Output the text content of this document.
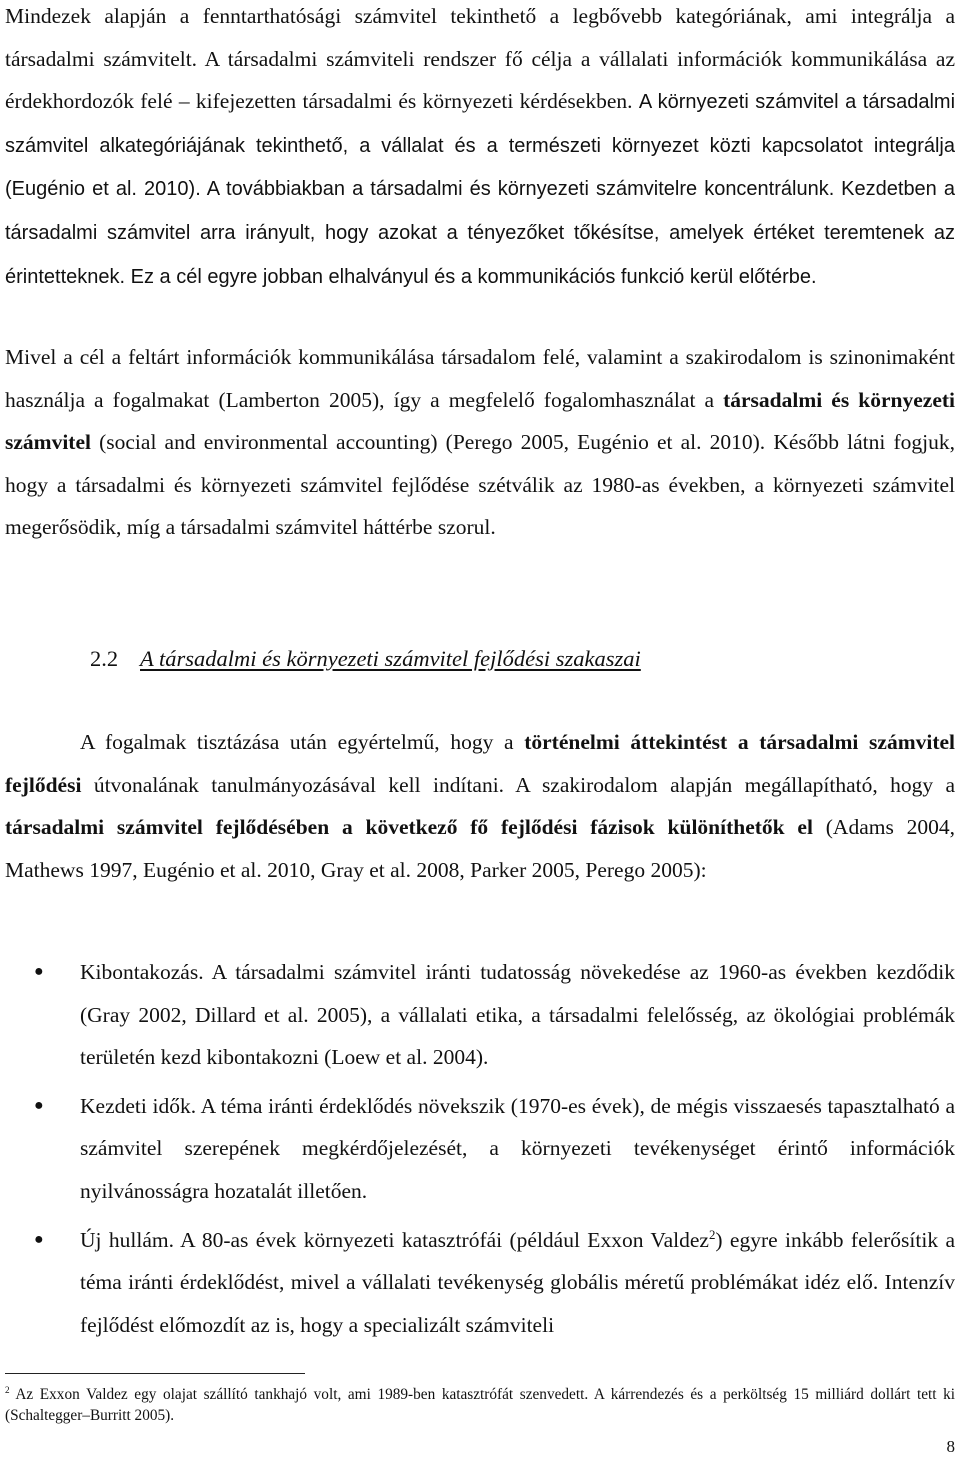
Mindezek alapján a fenntarthatósági számvitel tekinthető a legbővebb kategóriának, ami integrálja a társadalmi számvitelt. A társadalmi számviteli rendszer fő célja a vállalati információk kommunikálása az érdekhordozók felé – kifejezetten társadalmi és környezeti kérdésekben. A környezeti számvitel a társadalmi számvitel alkategóriájának tekinthető, a vállalat és a természeti környezet közti kapcsolatot integrálja (Eugénio et al. 2010). A továbbiakban a társadalmi és környezeti számvitelre koncentrálunk. Kezdetben a társadalmi számvitel arra irányult, hogy azokat a tényezőket tőkésítse, amelyek értéket teremtenek az érintetteknek. Ez a cél egyre jobban elhalványul és a kommunikációs funkció kerül előtérbe.
Mivel a cél a feltárt információk kommunikálása társadalom felé, valamint a szakirodalom is szinonimaként használja a fogalmakat (Lamberton 2005), így a megfelelő fogalomhasználat a társadalmi és környezeti számvitel (social and environmental accounting) (Perego 2005, Eugénio et al. 2010). Később látni fogjuk, hogy a társadalmi és környezeti számvitel fejlődése szétválik az 1980-as években, a környezeti számvitel megerősödik, míg a társadalmi számvitel háttérbe szorul.
2.2 A társadalmi és környezeti számvitel fejlődési szakaszai
A fogalmak tisztázása után egyértelmű, hogy a történelmi áttekintést a társadalmi számvitel fejlődési útvonalának tanulmányozásával kell indítani. A szakirodalom alapján megállapítható, hogy a társadalmi számvitel fejlődésében a következő fő fejlődési fázisok különíthetők el (Adams 2004, Mathews 1997, Eugénio et al. 2010, Gray et al. 2008, Parker 2005, Perego 2005):
● Kibontakozás. A társadalmi számvitel iránti tudatosság növekedése az 1960-as években kezdődik (Gray 2002, Dillard et al. 2005), a vállalati etika, a társadalmi felelősség, az ökológiai problémák területén kezd kibontakozni (Loew et al. 2004).
● Kezdeti idők. A téma iránti érdeklődés növekszik (1970-es évek), de mégis visszaesés tapasztalható a számvitel szerepének megkérdőjelezését, a környezeti tevékenységet érintő információk nyilvánosságra hozatalát illetően.
● Új hullám. A 80-as évek környezeti katasztrófái (például Exxon Valdez$^2$) egyre inkább felerősítik a téma iránti érdeklődést, mivel a vállalati tevékenység globális méretű problémákat idéz elő. Intenzív fejlődést előmozdít az is, hogy a specializált számviteli
$^2$ Az Exxon Valdez egy olajat szállító tankhajó volt, ami 1989-ben katasztrófát szenvedett. A kárrendezés és a perköltség 15 milliárd dollárt tett ki (Schaltegger–Burritt 2005).
8
